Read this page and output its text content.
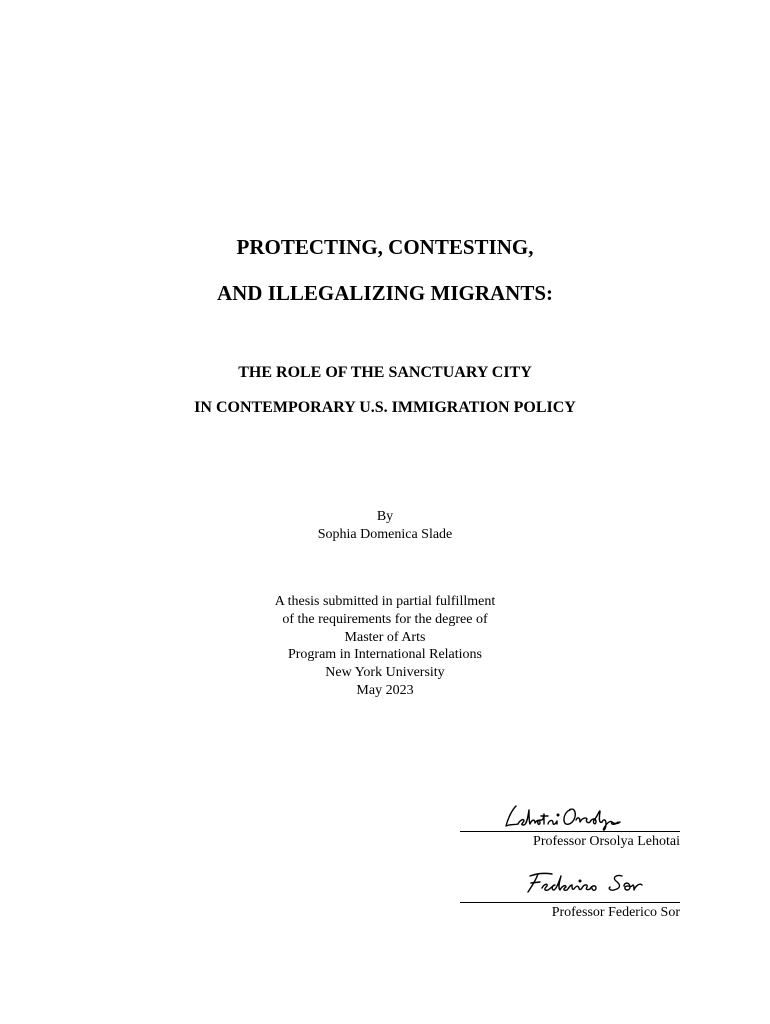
PROTECTING, CONTESTING,
AND ILLEGALIZING MIGRANTS:
THE ROLE OF THE SANCTUARY CITY
IN CONTEMPORARY U.S. IMMIGRATION POLICY
By
Sophia Domenica Slade
A thesis submitted in partial fulfillment
of the requirements for the degree of
Master of Arts
Program in International Relations
New York University
May 2023
Professor Orsolya Lehotai
Professor Federico Sor
